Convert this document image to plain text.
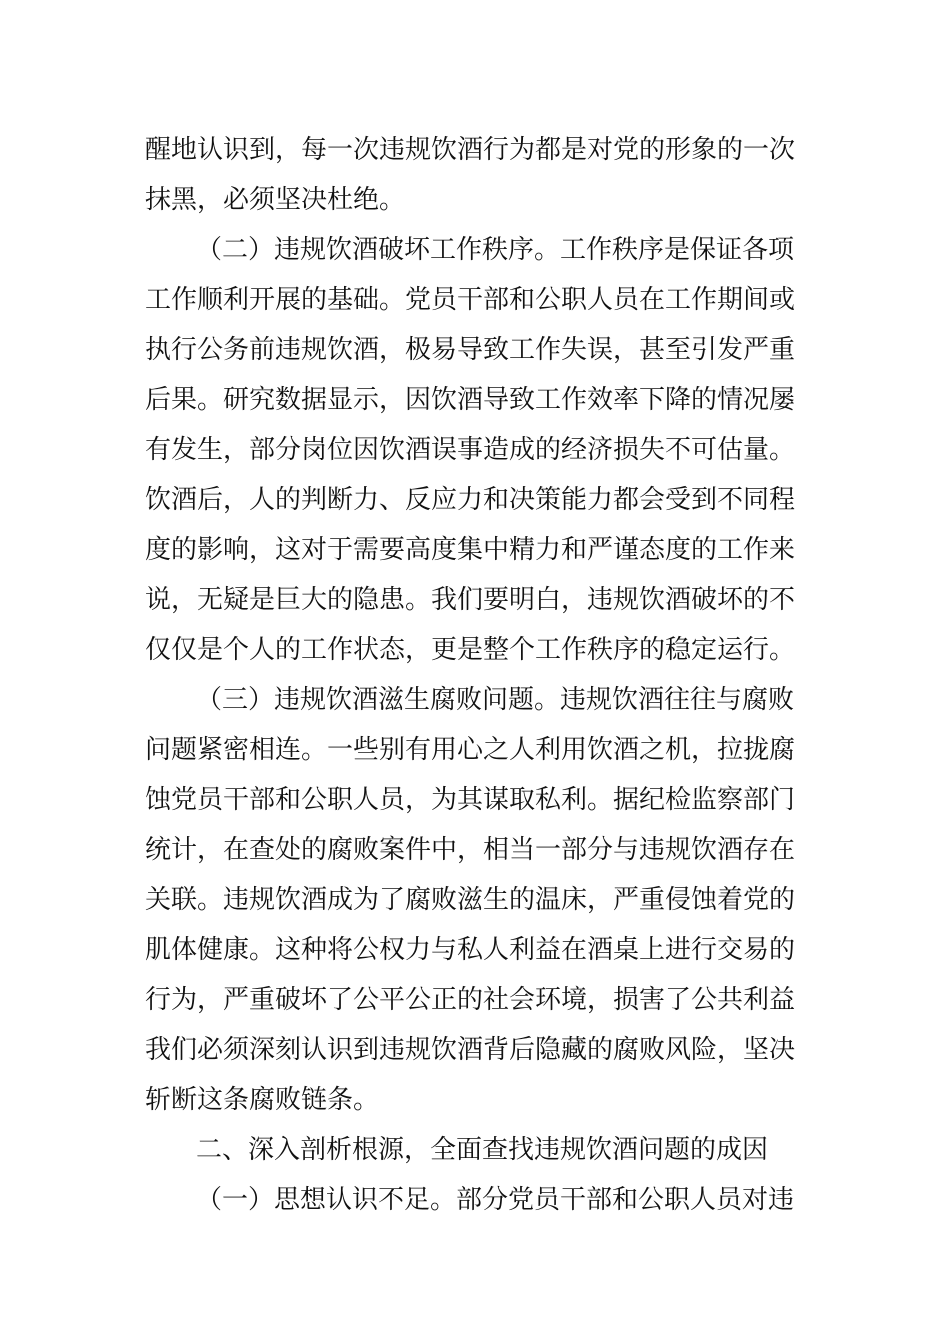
醒地认识到，每一次违规饮酒行为都是对党的形象的一次
抹黑，必须坚决杜绝。
（二）违规饮酒破坏工作秩序。工作秩序是保证各项
工作顺利开展的基础。党员干部和公职人员在工作期间或
执行公务前违规饮酒，极易导致工作失误，甚至引发严重
后果。研究数据显示，因饮酒导致工作效率下降的情况屡
有发生，部分岗位因饮酒误事造成的经济损失不可估量。
饮酒后，人的判断力、反应力和决策能力都会受到不同程
度的影响，这对于需要高度集中精力和严谨态度的工作来
说，无疑是巨大的隐患。我们要明白，违规饮酒破坏的不
仅仅是个人的工作状态，更是整个工作秩序的稳定运行。
（三）违规饮酒滋生腐败问题。违规饮酒往往与腐败
问题紧密相连。一些别有用心之人利用饮酒之机，拉拢腐
蚀党员干部和公职人员，为其谋取私利。据纪检监察部门
统计，在查处的腐败案件中，相当一部分与违规饮酒存在
关联。违规饮酒成为了腐败滋生的温床，严重侵蚀着党的
肌体健康。这种将公权力与私人利益在酒桌上进行交易的
行为，严重破坏了公平公正的社会环境，损害了公共利益
我们必须深刻认识到违规饮酒背后隐藏的腐败风险，坚决
斩断这条腐败链条。
二、深入剖析根源，全面查找违规饮酒问题的成因
（一）思想认识不足。部分党员干部和公职人员对违
